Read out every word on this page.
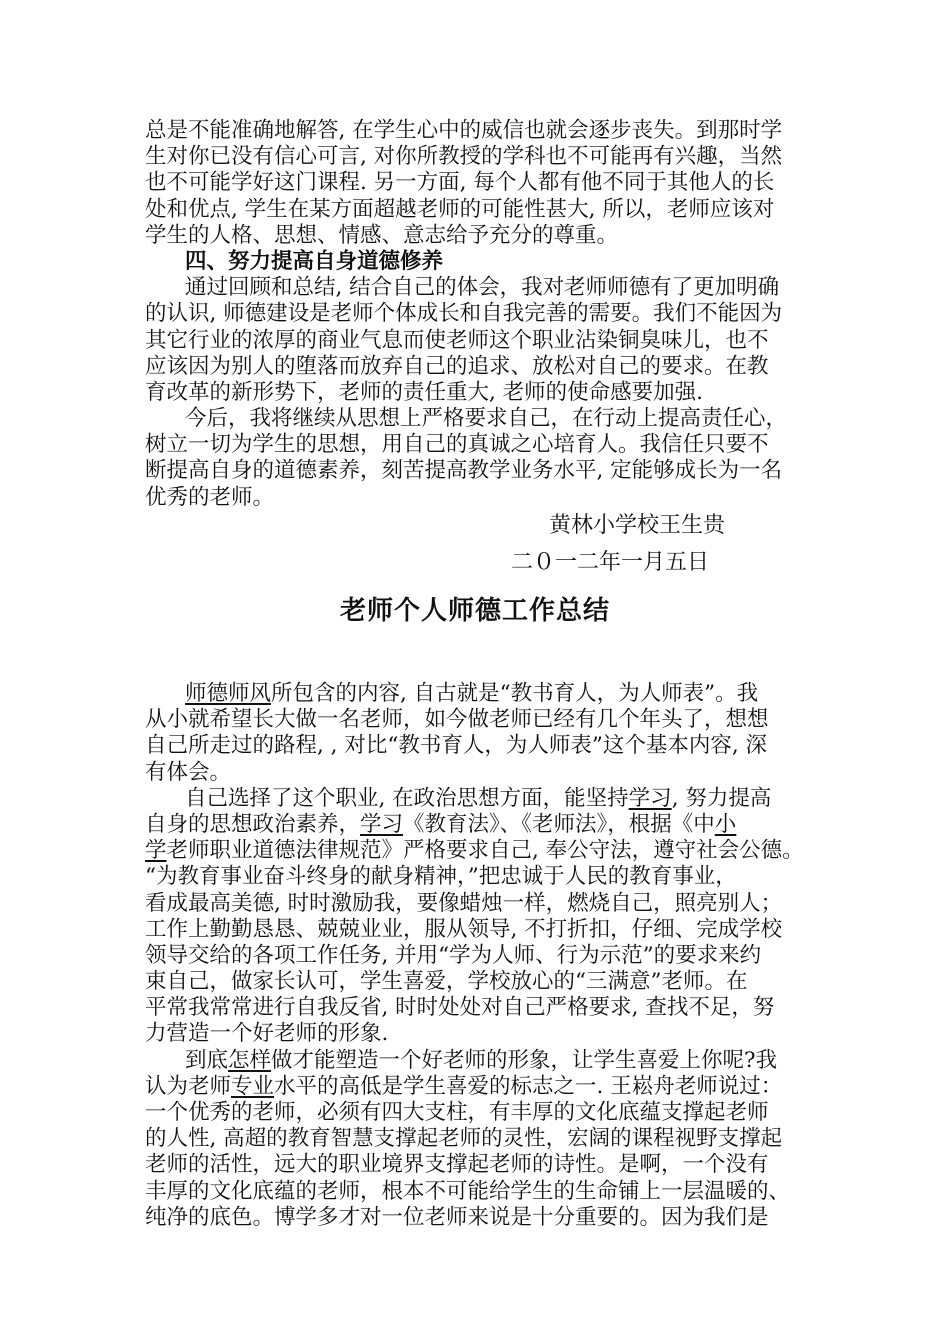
总是不能准确地解答, 在学生心中的威信也就会逐步丧失。到那时学
生对你已没有信心可言, 对你所教授的学科也不可能再有兴趣，当然
也不可能学好这门课程. 另一方面, 每个人都有他不同于其他人的长
处和优点, 学生在某方面超越老师的可能性甚大, 所以，老师应该对
学生的人格、思想、情感、意志给予充分的尊重。
四、努力提高自身道德修养
通过回顾和总结, 结合自己的体会，我对老师师德有了更加明确
的认识, 师德建设是老师个体成长和自我完善的需要。我们不能因为
其它行业的浓厚的商业气息而使老师这个职业沾染铜臭味儿，也不
应该因为别人的堕落而放弃自己的追求、放松对自己的要求。在教
育改革的新形势下，老师的责任重大, 老师的使命感要加强.
今后，我将继续从思想上严格要求自己，在行动上提高责任心，
树立一切为学生的思想，用自己的真诚之心培育人。我信任只要不
断提高自身的道德素养，刻苦提高教学业务水平, 定能够成长为一名
优秀的老师。
黄林小学校王生贵
二０一二年一月五日
老师个人师德工作总结
师德师风所包含的内容, 自古就是“教书育人，为人师表”。我
从小就希望长大做一名老师，如今做老师已经有几个年头了，想想
自己所走过的路程, , 对比“教书育人，为人师表”这个基本内容, 深
有体会。
自己选择了这个职业, 在政治思想方面，能坚持学习, 努力提高
自身的思想政治素养，学习《教育法》、《老师法》，根据《中小
学老师职业道德法律规范》严格要求自己, 奉公守法，遵守社会公德。
“为教育事业奋斗终身的献身精神，”把忠诚于人民的教育事业，
看成最高美德, 时时激励我，要像蜡烛一样，燃烧自己，照亮别人；
工作上勤勤恳恳、兢兢业业，服从领导, 不打折扣，仔细、完成学校
领导交给的各项工作任务, 并用“学为人师、行为示范”的要求来约
束自己，做家长认可，学生喜爱，学校放心的“三满意”老师。在
平常我常常进行自我反省, 时时处处对自己严格要求, 查找不足，努
力营造一个好老师的形象.
到底怎样做才能塑造一个好老师的形象，让学生喜爱上你呢?我
认为老师专业水平的高低是学生喜爱的标志之一. 王崧舟老师说过：
一个优秀的老师，必须有四大支柱，有丰厚的文化底蕴支撑起老师
的人性, 高超的教育智慧支撑起老师的灵性，宏阔的课程视野支撑起
老师的活性，远大的职业境界支撑起老师的诗性。是啊，一个没有
丰厚的文化底蕴的老师，根本不可能给学生的生命铺上一层温暖的、
纯净的底色。博学多才对一位老师来说是十分重要的。因为我们是
